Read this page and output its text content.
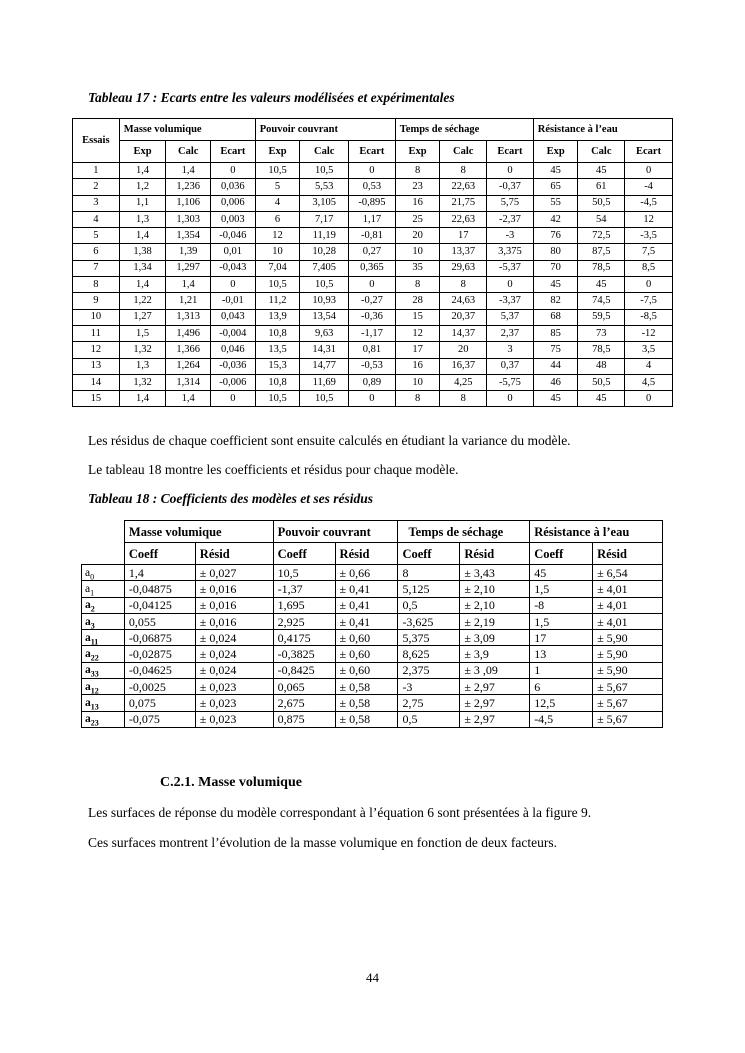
Tableau 17 : Ecarts entre les valeurs modélisées et expérimentales
Essais	Masse volumique			Pouvoir couvrant			Temps de séchage			Résistance à l’eau		
	Exp	Calc	Ecart	Exp	Calc	Ecart	Exp	Calc	Ecart	Exp	Calc	Ecart
1	1,4	1,4	0	10,5	10,5	0	8	8	0	45	45	0
2	1,2	1,236	0,036	5	5,53	0,53	23	22,63	-0,37	65	61	-4
3	1,1	1,106	0,006	4	3,105	-0,895	16	21,75	5,75	55	50,5	-4,5
4	1,3	1,303	0,003	6	7,17	1,17	25	22,63	-2,37	42	54	12
5	1,4	1,354	-0,046	12	11,19	-0,81	20	17	-3	76	72,5	-3,5
6	1,38	1,39	0,01	10	10,28	0,27	10	13,37	3,375	80	87,5	7,5
7	1,34	1,297	-0,043	7,04	7,405	0,365	35	29,63	-5,37	70	78,5	8,5
8	1,4	1,4	0	10,5	10,5	0	8	8	0	45	45	0
9	1,22	1,21	-0,01	11,2	10,93	-0,27	28	24,63	-3,37	82	74,5	-7,5
10	1,27	1,313	0,043	13,9	13,54	-0,36	15	20,37	5,37	68	59,5	-8,5
11	1,5	1,496	-0,004	10,8	9,63	-1,17	12	14,37	2,37	85	73	-12
12	1,32	1,366	0,046	13,5	14,31	0,81	17	20	3	75	78,5	3,5
13	1,3	1,264	-0,036	15,3	14,77	-0,53	16	16,37	0,37	44	48	4
14	1,32	1,314	-0,006	10,8	11,69	0,89	10	4,25	-5,75	46	50,5	4,5
15	1,4	1,4	0	10,5	10,5	0	8	8	0	45	45	0
Les résidus de chaque coefficient sont ensuite calculés en étudiant la variance du modèle.
Le tableau 18 montre les coefficients et résidus pour chaque modèle.
Tableau 18 : Coefficients des modèles et ses résidus
	Masse volumique		Pouvoir couvrant		Temps de séchage		Résistance à l’eau	
	Coeff	Résid	Coeff	Résid	Coeff	Résid	Coeff	Résid
$a_0$	1,4	± 0,027	10,5	± 0,66	8	± 3,43	45	± 6,54
$a_1$	-0,04875	± 0,016	-1,37	± 0,41	5,125	± 2,10	1,5	± 4,01
$a_2$	-0,04125	± 0,016	1,695	± 0,41	0,5	± 2,10	-8	± 4,01
$a_3$	0,055	± 0,016	2,925	± 0,41	-3,625	± 2,19	1,5	± 4,01
$a_{11}$	-0,06875	± 0,024	0,4175	± 0,60	5,375	± 3,09	17	± 5,90
$a_{22}$	-0,02875	± 0,024	-0,3825	± 0,60	8,625	± 3,9	13	± 5,90
$a_{33}$	-0,04625	± 0,024	-0,8425	± 0,60	2,375	± 3 ,09	1	± 5,90
$a_{12}$	-0,0025	± 0,023	0,065	± 0,58	-3	± 2,97	6	± 5,67
$a_{13}$	0,075	± 0,023	2,675	± 0,58	2,75	± 2,97	12,5	± 5,67
$a_{23}$	-0,075	± 0,023	0,875	± 0,58	0,5	± 2,97	-4,5	± 5,67
C.2.1. Masse volumique
Les surfaces de réponse du modèle correspondant à l’équation 6 sont présentées à la figure 9.
Ces surfaces montrent l’évolution de la masse volumique en fonction de deux facteurs.
44
